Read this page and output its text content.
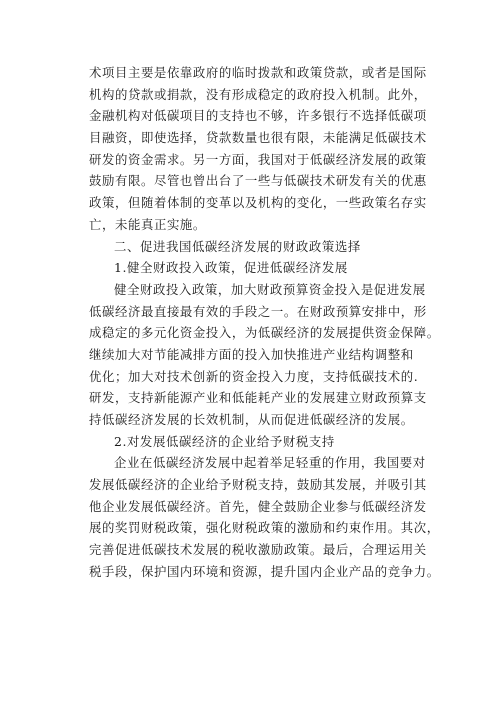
术项目主要是依靠政府的临时拨款和政策贷款，或者是国际
机构的贷款或捐款，没有形成稳定的政府投入机制。此外，
金融机构对低碳项目的支持也不够，许多银行不选择低碳项
目融资，即使选择，贷款数量也很有限，未能满足低碳技术
研发的资金需求。另一方面，我国对于低碳经济发展的政策
鼓励有限。尽管也曾出台了一些与低碳技术研发有关的优惠
政策，但随着体制的变革以及机构的变化，一些政策名存实
亡，未能真正实施。
二、促进我国低碳经济发展的财政政策选择
1.健全财政投入政策，促进低碳经济发展
健全财政投入政策，加大财政预算资金投入是促进发展
低碳经济最直接最有效的手段之一。在财政预算安排中，形
成稳定的多元化资金投入，为低碳经济的发展提供资金保障。
继续加大对节能减排方面的投入加快推进产业结构调整和
优化；加大对技术创新的资金投入力度，支持低碳技术的.
研发，支持新能源产业和低能耗产业的发展建立财政预算支
持低碳经济发展的长效机制，从而促进低碳经济的发展。
2.对发展低碳经济的企业给予财税支持
企业在低碳经济发展中起着举足轻重的作用，我国要对
发展低碳经济的企业给予财税支持，鼓励其发展，并吸引其
他企业发展低碳经济。首先，健全鼓励企业参与低碳经济发
展的奖罚财税政策，强化财税政策的激励和约束作用。其次，
完善促进低碳技术发展的税收激励政策。最后，合理运用关
税手段，保护国内环境和资源，提升国内企业产品的竞争力。
